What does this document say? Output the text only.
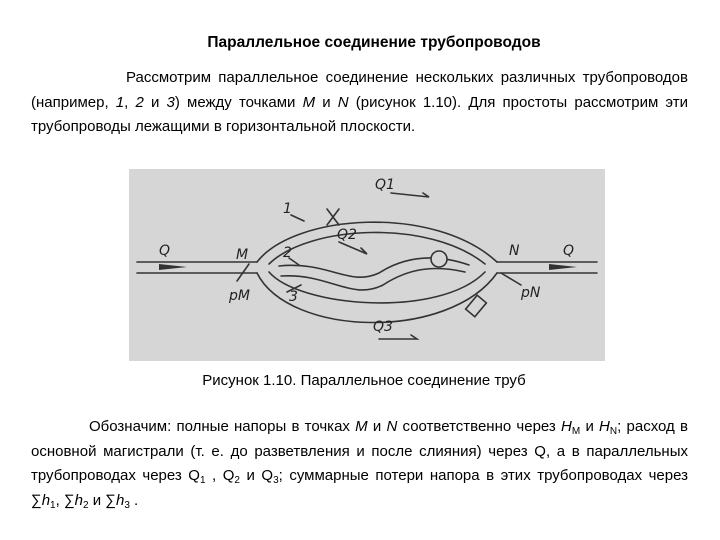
Параллельное соединение трубопроводов
Рассмотрим параллельное соединение нескольких различных трубопроводов (например, 1, 2 и 3) между точками M и N (рисунок 1.10). Для простоты рассмотрим эти трубопроводы лежащими в горизонтальной плоскости.
Q	Q
M	N
pM	pN
1
2
3
Q1
Q2
Q3
Рисунок 1.10. Параллельное соединение труб
Обозначим: полные напоры в точках M и N соответственно через $H_M$ и $H_N$; расход в основной магистрали (т. е. до разветвления и после слияния) через Q, а в параллельных трубопроводах через $Q_1$ , $Q_2$ и $Q_3$; суммарные потери напора в этих трубопроводах через $\sum h_1$, $\sum h_2$ и $\sum h_3$ .
